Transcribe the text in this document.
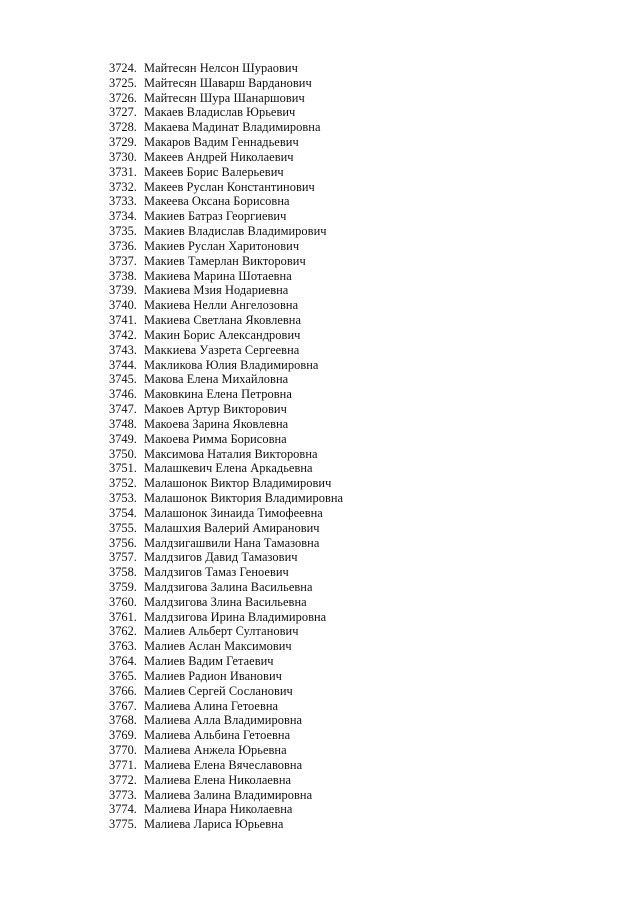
3724. Майтесян Нелсон Шураович
3725. Майтесян Шаварш Варданович
3726. Майтесян Шура Шанаршович
3727. Макаев Владислав Юрьевич
3728. Макаева Мадинат Владимировна
3729. Макаров Вадим Геннадьевич
3730. Макеев Андрей Николаевич
3731. Макеев Борис Валерьевич
3732. Макеев Руслан Константинович
3733. Макеева Оксана Борисовна
3734. Макиев Батраз Георгиевич
3735. Макиев Владислав Владимирович
3736. Макиев Руслан Харитонович
3737. Макиев Тамерлан Викторович
3738. Макиева Марина Шотаевна
3739. Макиева Мзия Нодариевна
3740. Макиева Нелли Ангелозовна
3741. Макиева Светлана Яковлевна
3742. Макин Борис Александрович
3743. Маккиева Уазрета Сергеевна
3744. Макликова Юлия Владимировна
3745. Макова Елена Михайловна
3746. Маковкина Елена Петровна
3747. Макоев Артур Викторович
3748. Макоева Зарина Яковлевна
3749. Макоева Римма Борисовна
3750. Максимова Наталия Викторовна
3751. Малашкевич Елена Аркадьевна
3752. Малашонок Виктор Владимирович
3753. Малашонок Виктория Владимировна
3754. Малашонок Зинаида Тимофеевна
3755. Малашхия Валерий Амиранович
3756. Малдзигашвили Нана Тамазовна
3757. Малдзигов Давид Тамазович
3758. Малдзигов Тамаз Геноевич
3759. Малдзигова Залина Васильевна
3760. Малдзигова Злина Васильевна
3761. Малдзигова Ирина Владимировна
3762. Малиев Альберт Султанович
3763. Малиев Аслан Максимович
3764. Малиев Вадим Гетаевич
3765. Малиев Радион Иванович
3766. Малиев Сергей Сосланович
3767. Малиева Алина Гетоевна
3768. Малиева Алла Владимировна
3769. Малиева Альбина Гетоевна
3770. Малиева Анжела Юрьевна
3771. Малиева Елена Вячеславовна
3772. Малиева Елена Николаевна
3773. Малиева Залина Владимировна
3774. Малиева Инара Николаевна
3775. Малиева Лариса Юрьевна
